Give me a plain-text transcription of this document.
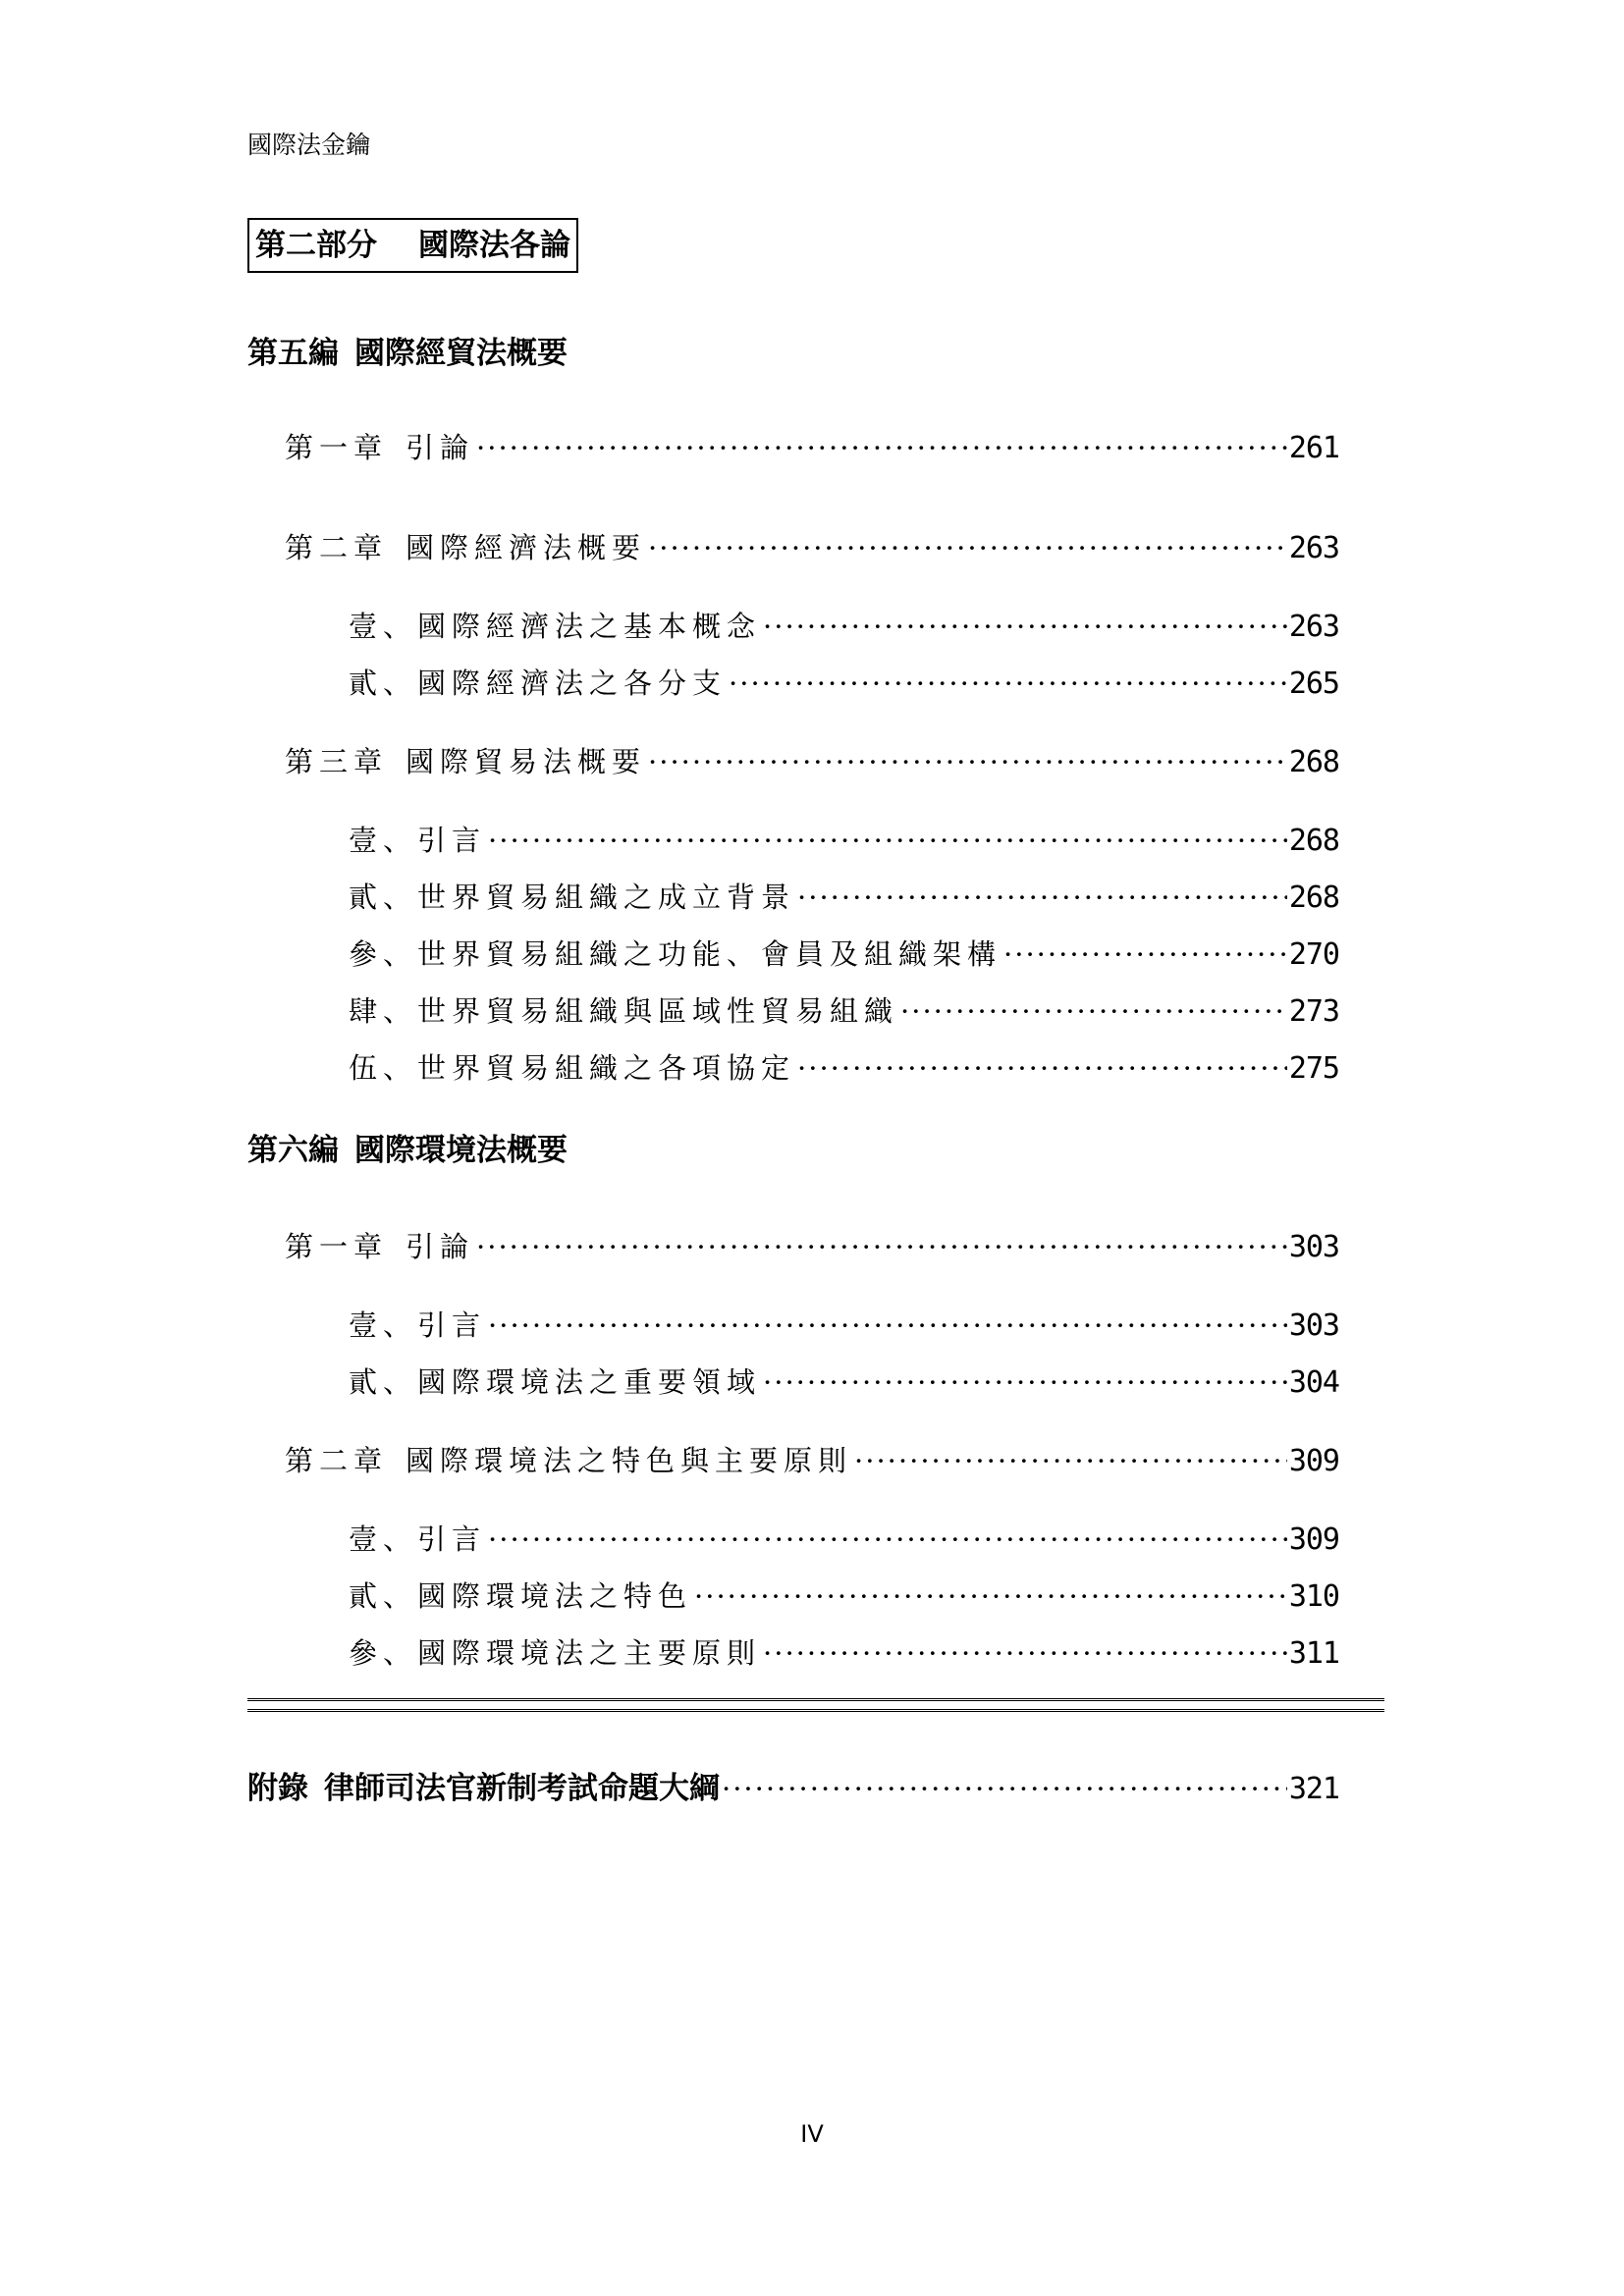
國際法金鑰
第二部分 國際法各論
第五編 國際經貿法概要
第一章 引論 ·····	261
第二章 國際經濟法概要 ·····	263
壹、 國際經濟法之基本概念 ·····	263
貳、 國際經濟法之各分支 ·····	265
第三章 國際貿易法概要 ·····	268
壹、 引言 ·····	268
貳、 世界貿易組織之成立背景 ·····	268
參、 世界貿易組織之功能、會員及組織架構 ·····	270
肆、 世界貿易組織與區域性貿易組織 ·····	273
伍、 世界貿易組織之各項協定 ·····	275
第六編 國際環境法概要
第一章 引論 ·····	303
壹、 引言 ·····	303
貳、 國際環境法之重要領域 ·····	304
第二章 國際環境法之特色與主要原則 ·····	309
壹、 引言 ·····	309
貳、 國際環境法之特色 ·····	310
參、 國際環境法之主要原則 ·····	311
附錄 律師司法官新制考試命題大綱 ·····	321
IV
